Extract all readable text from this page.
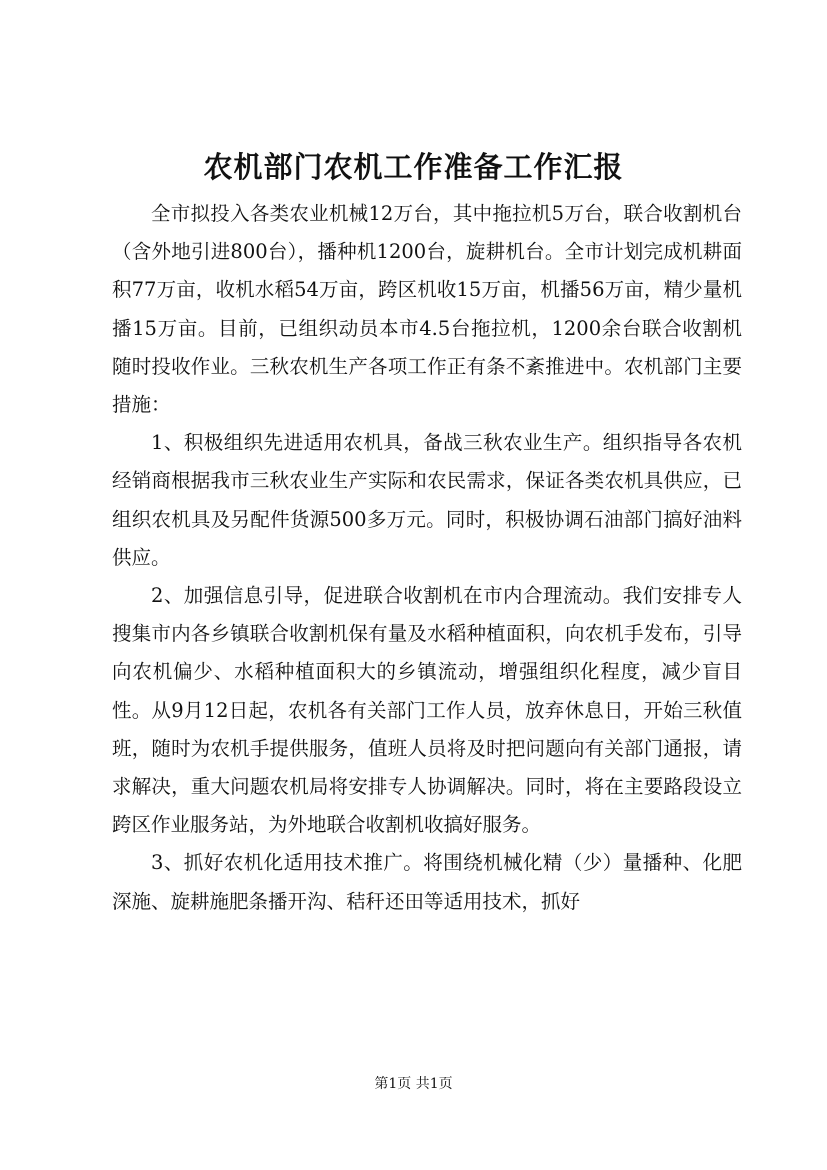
农机部门农机工作准备工作汇报

全市拟投入各类农业机械12万台，其中拖拉机5万台，联合收割机台（含外地引进800台），播种机1200台，旋耕机台。全市计划完成机耕面积77万亩，收机水稻54万亩，跨区机收15万亩，机播56万亩，精少量机播15万亩。目前，已组织动员本市4.5台拖拉机，1200余台联合收割机随时投收作业。三秋农机生产各项工作正有条不紊推进中。农机部门主要措施：

1、积极组织先进适用农机具，备战三秋农业生产。组织指导各农机经销商根据我市三秋农业生产实际和农民需求，保证各类农机具供应，已组织农机具及另配件货源500多万元。同时，积极协调石油部门搞好油料供应。

2、加强信息引导，促进联合收割机在市内合理流动。我们安排专人搜集市内各乡镇联合收割机保有量及水稻种植面积，向农机手发布，引导向农机偏少、水稻种植面积大的乡镇流动，增强组织化程度，减少盲目性。从9月12日起，农机各有关部门工作人员，放弃休息日，开始三秋值班，随时为农机手提供服务，值班人员将及时把问题向有关部门通报，请求解决，重大问题农机局将安排专人协调解决。同时，将在主要路段设立跨区作业服务站，为外地联合收割机收搞好服务。

3、抓好农机化适用技术推广。将围绕机械化精（少）量播种、化肥深施、旋耕施肥条播开沟、秸秆还田等适用技术，抓好

第1页 共1页
